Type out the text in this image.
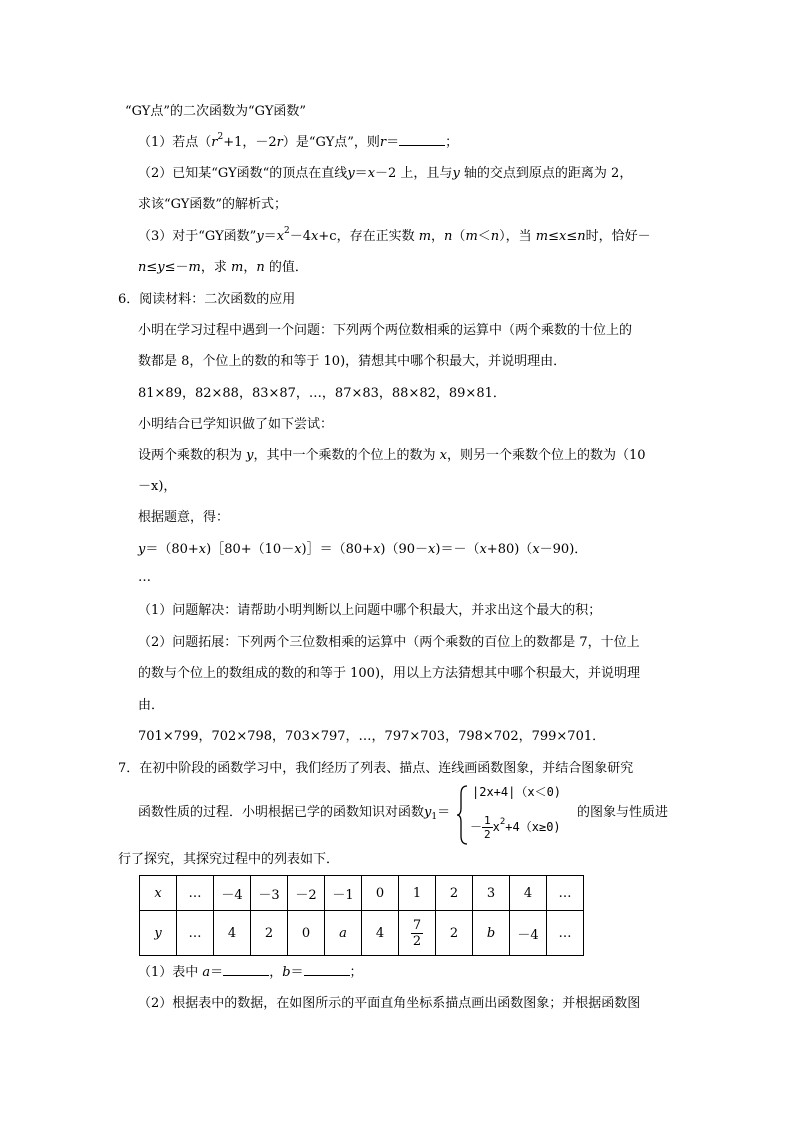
“GY点”的二次函数为“GY函数”
（1）若点（$r^2+1$，－2r）是“GY点”，则r＝	；
（2）已知某“GY函数“的顶点在直线y＝x－2 上，且与y 轴的交点到原点的距离为 2，
求该“GY函数”的解析式；
（3）对于“GY函数$”y=x^2-4x+c$，存在正实数 m，n（m＜n），当 m≤x≤n时，恰好－
n≤y≤－m，求 m，n 的值．
6．阅读材料：二次函数的应用
小明在学习过程中遇到一个问题：下列两个两位数相乘的运算中（两个乘数的十位上的
数都是 8，个位上的数的和等于 10)，猜想其中哪个积最大，并说明理由．
81×89，82×88，83×87，…，87×83，88×82，89×81．
小明结合已学知识做了如下尝试：
设两个乘数的积为 y，其中一个乘数的个位上的数为 x，则另一个乘数个位上的数为（10
－x)，
根据题意，得：
y＝（80+x)［80+（10－x)］＝（80+x)（90－x)＝－（x+80)（x－90)．
…
（1）问题解决：请帮助小明判断以上问题中哪个积最大，并求出这个最大的积；
（2）问题拓展：下列两个三位数相乘的运算中（两个乘数的百位上的数都是 7，十位上
的数与个位上的数组成的数的和等于 100)，用以上方法猜想其中哪个积最大，并说明理
由．
701×799，702×798，703×797，…，797×703，798×702，799×701．
7．在初中阶段的函数学习中，我们经历了列表、描点、连线画函数图象，并结合图象研究
函数性质的过程．小明根据已学的函数知识对函数$y_1=$
|2x+4|（x＜0)
－ $\frac{1}{2} x^2+4(x\ge 0)$
的图象与性质进
行了探究，其探究过程中的列表如下．
x	…	－4	－3	－2	－1	0	1	2	3	4	…
y	…	4	2	0	a	4	$\frac{7}{2}$	2	b	－4	…
（1）表中 a＝	，b＝	；
（2）根据表中的数据，在如图所示的平面直角坐标系描点画出函数图象；并根据函数图
